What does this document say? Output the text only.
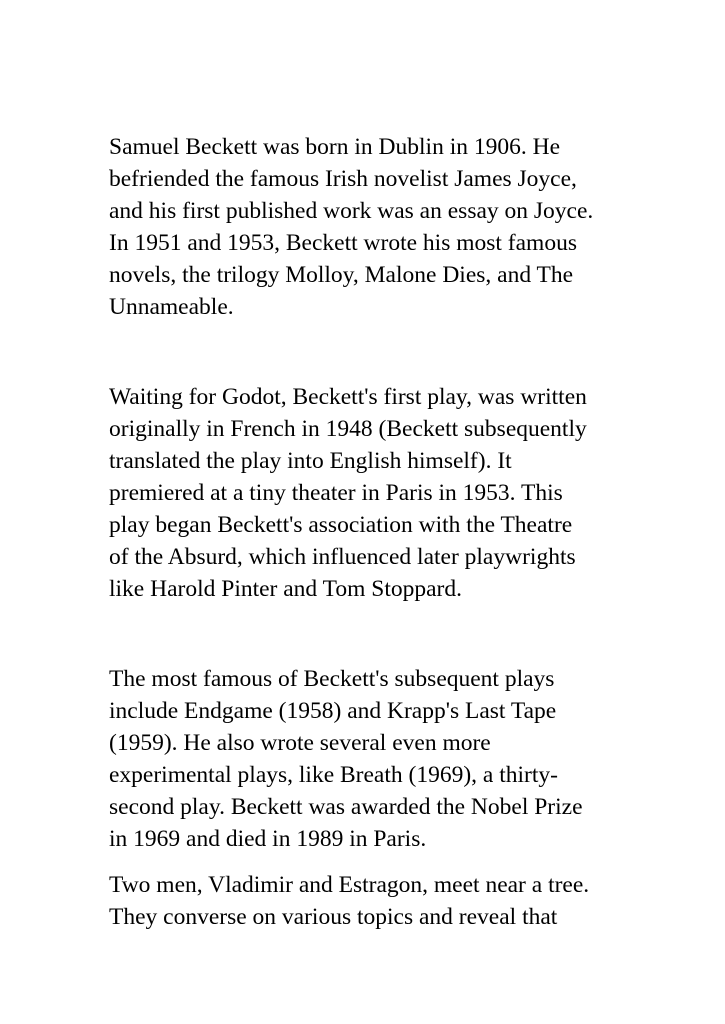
Samuel Beckett was born in Dublin in 1906. He

befriended the famous Irish novelist James Joyce,

and his first published work was an essay on Joyce.

In 1951 and 1953, Beckett wrote his most famous

novels, the trilogy Molloy, Malone Dies, and The

Unnameable.

Waiting for Godot, Beckett's first play, was written

originally in French in 1948 (Beckett subsequently

translated the play into English himself). It

premiered at a tiny theater in Paris in 1953. This

play began Beckett's association with the Theatre

of the Absurd, which influenced later playwrights

like Harold Pinter and Tom Stoppard.

The most famous of Beckett's subsequent plays

include Endgame (1958) and Krapp's Last Tape

(1959). He also wrote several even more

experimental plays, like Breath (1969), a thirty-

second play. Beckett was awarded the Nobel Prize

in 1969 and died in 1989 in Paris.

Two men, Vladimir and Estragon, meet near a tree.

They converse on various topics and reveal that
